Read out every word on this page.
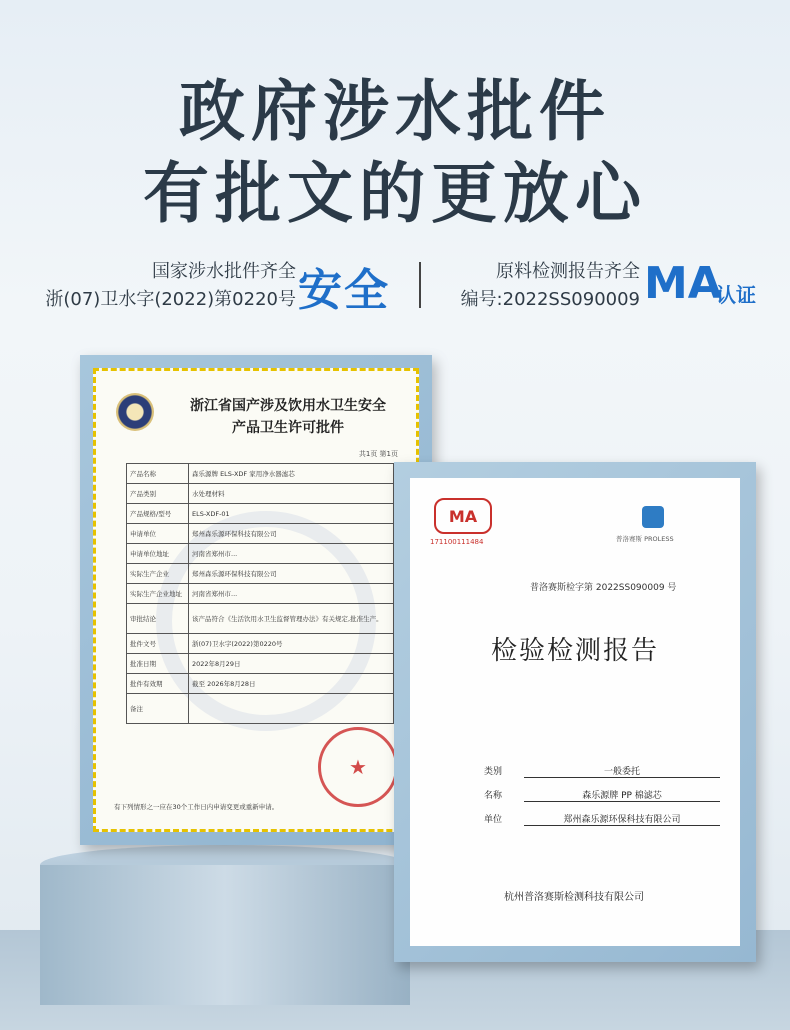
政府涉水批件
有批文的更放心
国家涉水批件齐全
浙(07)卫水字(2022)第0220号 安全	原料检测报告齐全
编号:2022SS090009 MA
认证
浙江省国产涉及饮用水卫生安全
产品卫生许可批件
共1页 第1页
产品名称	森乐源牌 ELS-XDF 家用净水器滤芯
产品类别	水处理材料
产品规格/型号	ELS-XDF-01
申请单位	郑州森乐源环保科技有限公司
申请单位地址	河南省郑州市...
实际生产企业	郑州森乐源环保科技有限公司
实际生产企业地址	河南省郑州市...
审批结论	该产品符合《生活饮用水卫生监督管理办法》有关规定,批准生产。
批件文号	浙(07)卫水字(2022)第0220号
批准日期	2022年8月29日
批件有效期	截至 2026年8月28日
备注	
有下列情形之一应在30个工作日内申请变更或重新申请。
★
MA
171100111484	普洛赛斯 PROLESS
普洛赛斯检字第 2022SS090009 号
检验检测报告
类别	一般委托
名称	森乐源牌 PP 棉滤芯
单位	郑州森乐源环保科技有限公司
杭州普洛赛斯检测科技有限公司
